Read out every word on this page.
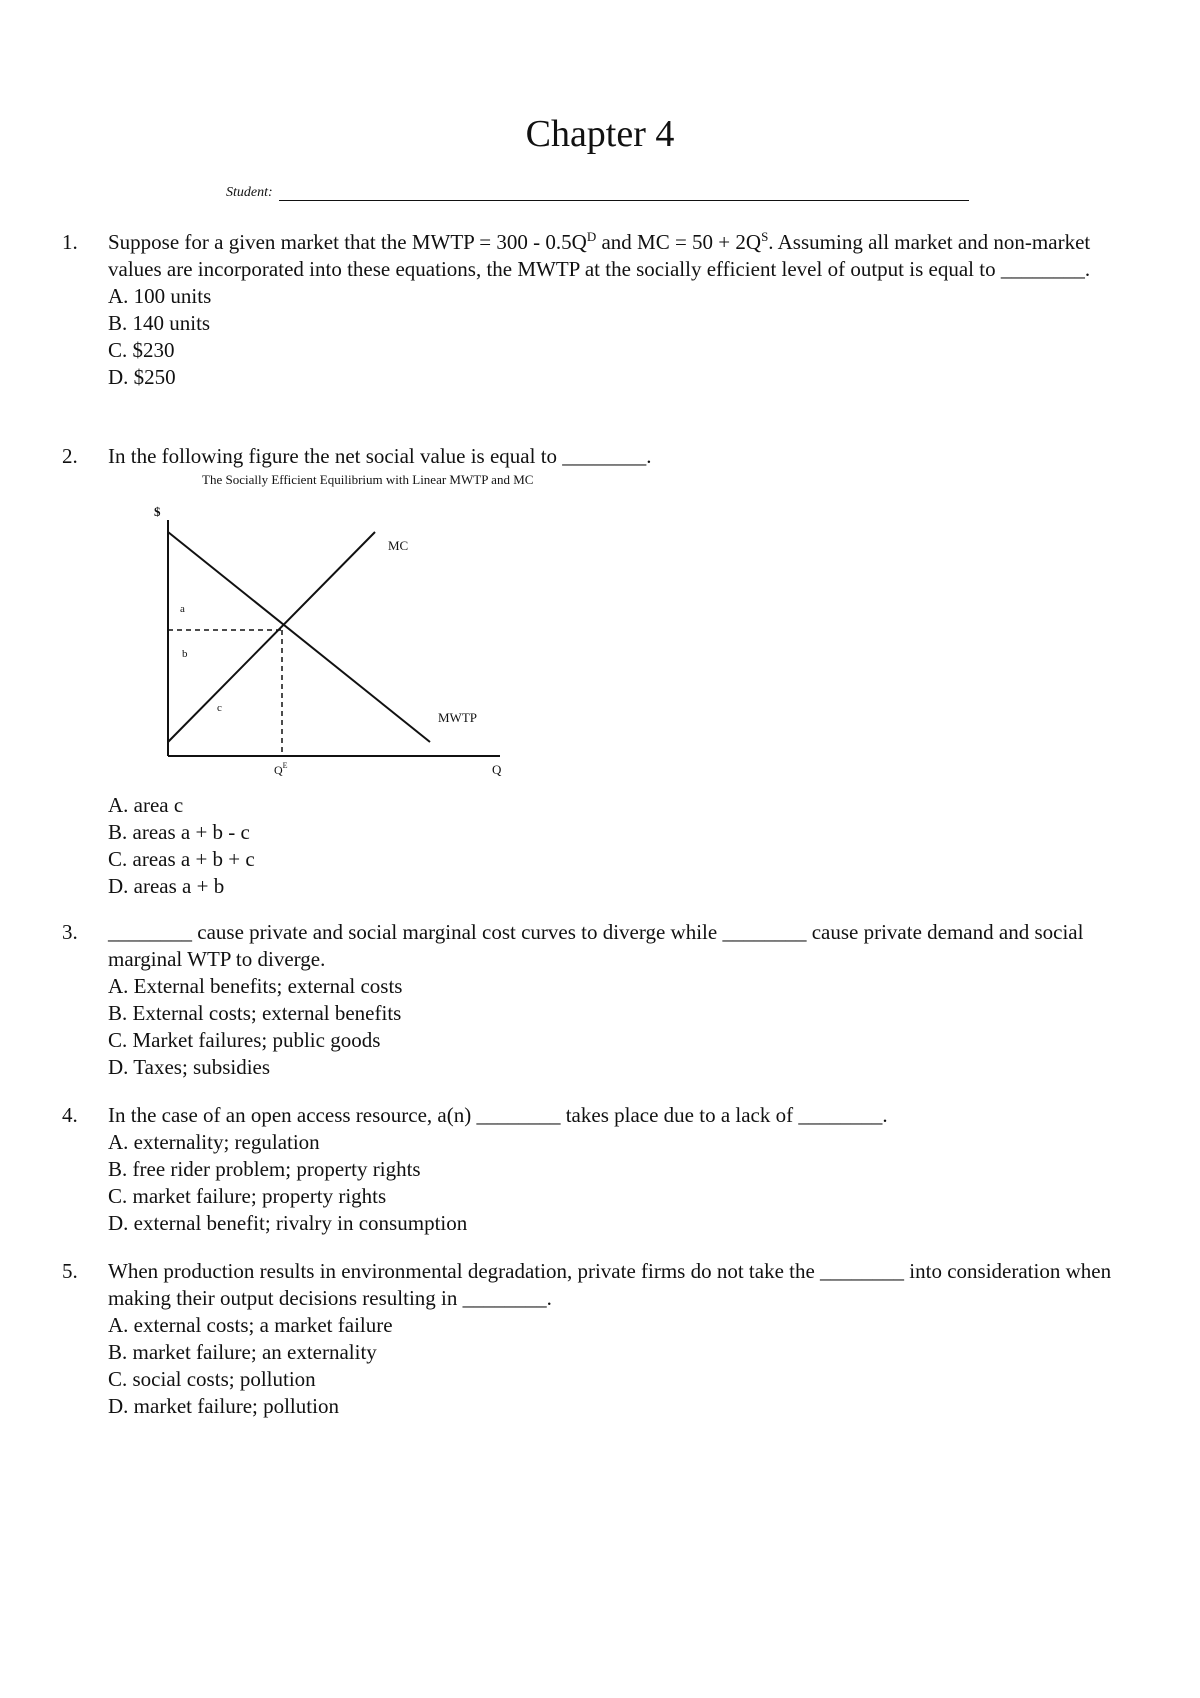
Chapter 4
Student:
1.	Suppose for a given market that the MWTP = $300 - 0.5Q^D$ and MC = $50 + 2Q^S$. Assuming all market and non-market values are incorporated into these equations, the MWTP at the socially efficient level of output is equal to ________.
A. 100 units
B. 140 units
C. $230
D. $250
2.	In the following figure the net social value is equal to ________.
The Socially Efficient Equilibrium with Linear MWTP and MC
$
MC
MWTP
a
b
c
$Q^E$	Q
A. area c
B. areas a + b - c
C. areas a + b + c
D. areas a + b
3.	________ cause private and social marginal cost curves to diverge while ________ cause private demand and social marginal WTP to diverge.
A. External benefits; external costs
B. External costs; external benefits
C. Market failures; public goods
D. Taxes; subsidies
4.	In the case of an open access resource, a(n) ________ takes place due to a lack of ________.
A. externality; regulation
B. free rider problem; property rights
C. market failure; property rights
D. external benefit; rivalry in consumption
5.	When production results in environmental degradation, private firms do not take the ________ into consideration when making their output decisions resulting in ________.
A. external costs; a market failure
B. market failure; an externality
C. social costs; pollution
D. market failure; pollution
